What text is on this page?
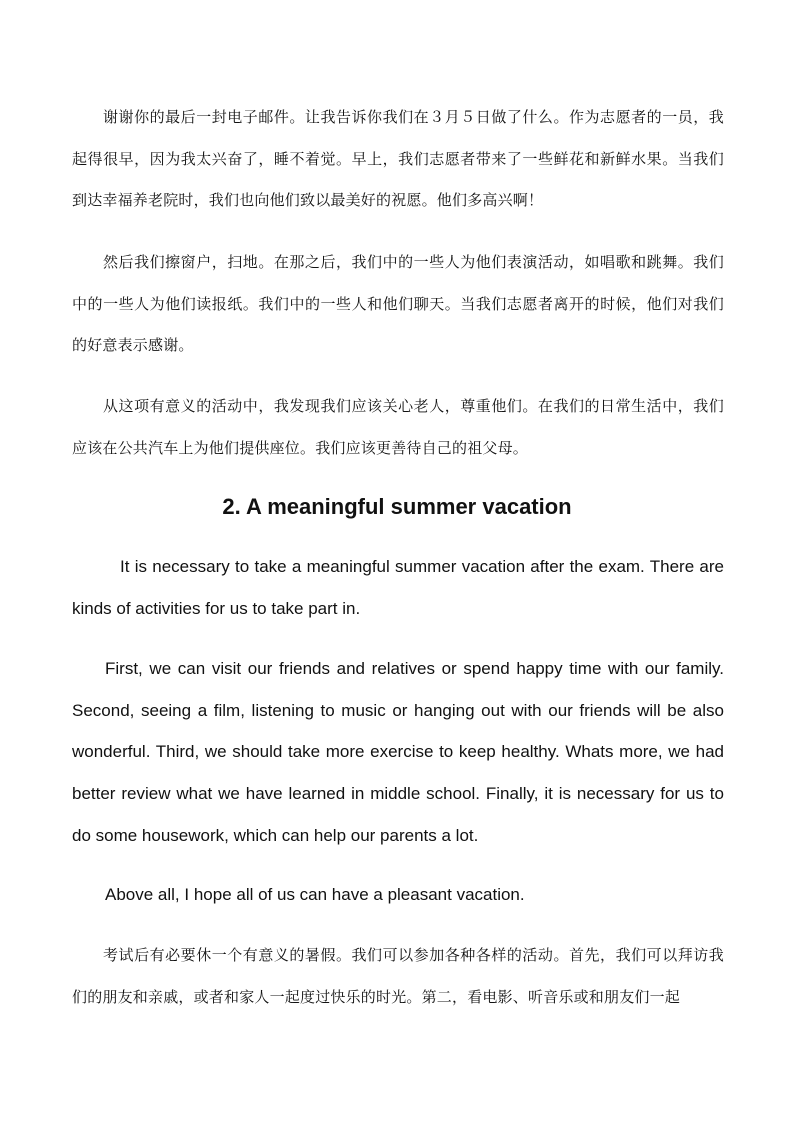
谢谢你的最后一封电子邮件。让我告诉你我们在３月５日做了什么。作为志愿者的一员，我起得很早，因为我太兴奋了，睡不着觉。早上，我们志愿者带来了一些鲜花和新鲜水果。当我们到达幸福养老院时，我们也向他们致以最美好的祝愿。他们多高兴啊！

然后我们擦窗户，扫地。在那之后，我们中的一些人为他们表演活动，如唱歌和跳舞。我们中的一些人为他们读报纸。我们中的一些人和他们聊天。当我们志愿者离开的时候，他们对我们的好意表示感谢。

从这项有意义的活动中，我发现我们应该关心老人，尊重他们。在我们的日常生活中，我们应该在公共汽车上为他们提供座位。我们应该更善待自己的祖父母。

2. A meaningful summer vacation

It is necessary to take a meaningful summer vacation after the exam. There are kinds of activities for us to take part in.

First, we can visit our friends and relatives or spend happy time with our family. Second, seeing a film, listening to music or hanging out with our friends will be also wonderful. Third, we should take more exercise to keep healthy. Whats more, we had better review what we have learned in middle school. Finally, it is necessary for us to do some housework, which can help our parents a lot.

Above all, I hope all of us can have a pleasant vacation.

考试后有必要休一个有意义的暑假。我们可以参加各种各样的活动。首先，我们可以拜访我们的朋友和亲戚，或者和家人一起度过快乐的时光。第二，看电影、听音乐或和朋友们一起
